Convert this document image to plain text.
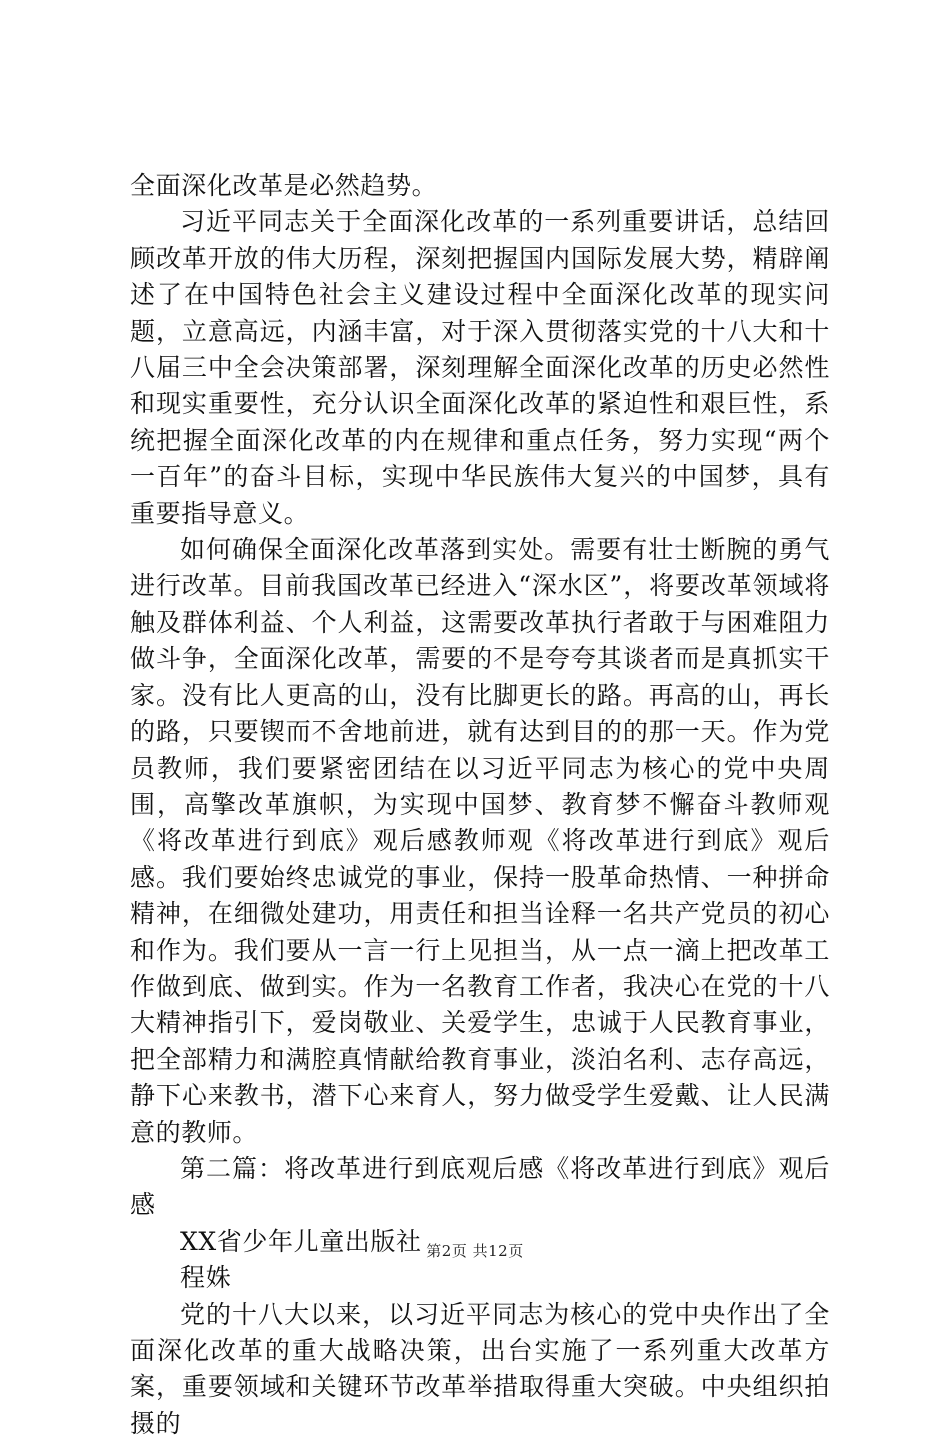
全面深化改革是必然趋势。

习近平同志关于全面深化改革的一系列重要讲话，总结回顾改革开放的伟大历程，深刻把握国内国际发展大势，精辟阐述了在中国特色社会主义建设过程中全面深化改革的现实问题，立意高远，内涵丰富，对于深入贯彻落实党的十八大和十八届三中全会决策部署，深刻理解全面深化改革的历史必然性和现实重要性，充分认识全面深化改革的紧迫性和艰巨性，系统把握全面深化改革的内在规律和重点任务，努力实现“两个一百年”的奋斗目标，实现中华民族伟大复兴的中国梦，具有重要指导意义。

如何确保全面深化改革落到实处。需要有壮士断腕的勇气进行改革。目前我国改革已经进入“深水区”，将要改革领域将触及群体利益、个人利益，这需要改革执行者敢于与困难阻力做斗争，全面深化改革，需要的不是夸夸其谈者而是真抓实干家。没有比人更高的山，没有比脚更长的路。再高的山，再长的路，只要锲而不舍地前进，就有达到目的的那一天。作为党员教师，我们要紧密团结在以习近平同志为核心的党中央周围，高擎改革旗帜，为实现中国梦、教育梦不懈奋斗教师观《将改革进行到底》观后感教师观《将改革进行到底》观后感。我们要始终忠诚党的事业，保持一股革命热情、一种拼命精神，在细微处建功，用责任和担当诠释一名共产党员的初心和作为。我们要从一言一行上见担当，从一点一滴上把改革工作做到底、做到实。作为一名教育工作者，我决心在党的十八大精神指引下，爱岗敬业、关爱学生，忠诚于人民教育事业，把全部精力和满腔真情献给教育事业，淡泊名利、志存高远，静下心来教书，潜下心来育人，努力做受学生爱戴、让人民满意的教师。

第二篇：将改革进行到底观后感《将改革进行到底》观后感

XX省少年儿童出版社

程姝

党的十八大以来，以习近平同志为核心的党中央作出了全面深化改革的重大战略决策，出台实施了一系列重大改革方案，重要领域和关键环节改革举措取得重大突破。中央组织拍摄的

第2页 共12页
